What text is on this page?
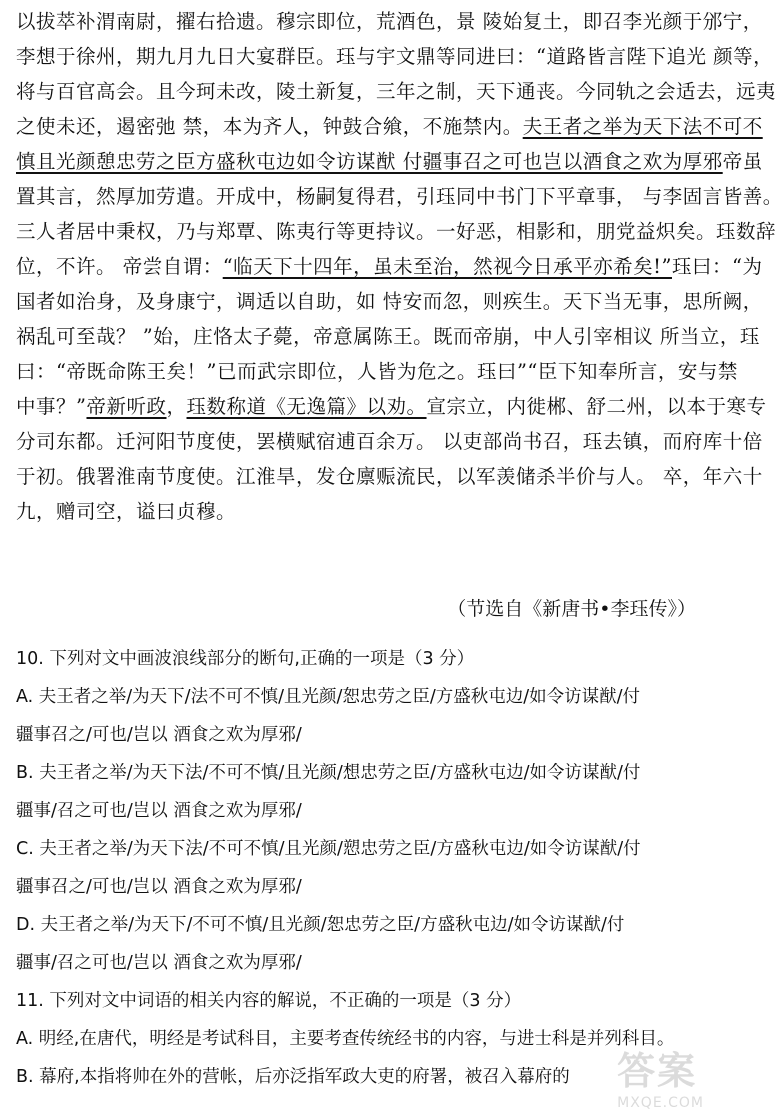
以拔萃补渭南尉，擢右拾遗。穆宗即位，荒酒色，景 陵始复土，即召李光颜于邠宁，
李想于徐州，期九月九日大宴群臣。珏与宇文鼎等同进曰：“道路皆言陛下追光 颜等，
将与百官高会。且今珂未改，陵土新复，三年之制，天下通丧。今同轨之会适去，远夷
之使未还，遏密弛 禁，本为齐人，钟鼓合飨，不施禁内。夫王者之举为天下法不可不
慎且光颜憩忠劳之臣方盛秋屯边如令访谋猷 付疆事召之可也岂以酒食之欢为厚邪帝虽
置其言，然厚加劳遣。开成中，杨嗣复得君，引珏同中书门下平章事， 与李固言皆善。
三人者居中秉权，乃与郑覃、陈夷行等更持议。一好恶，相影和，朋党益炽矣。珏数辞
位，不许。 帝尝自谓：“临天下十四年，虽未至治，然视今日承平亦希矣!”珏曰：“为
国者如治身，及身康宁，调适以自助，如 恃安而忽，则疾生。天下当无事，思所阙，
祸乱可至哉？ ”始，庄恪太子薨，帝意属陈王。既而帝崩，中人引宰相议 所当立，珏
曰：“帝既命陈王矣！”已而武宗即位，人皆为危之。珏曰”“臣下知奉所言，安与禁
中事？”帝新听政，珏数称道《无逸篇》以劝。宣宗立，内徙郴、舒二州，以本于寒专
分司东都。迁河阳节度使，罢横赋宿逋百余万。 以吏部尚书召，珏去镇，而府库十倍
于初。俄署淮南节度使。江淮旱，发仓廪赈流民，以军羡储杀半价与人。 卒，年六十
九，赠司空，谥曰贞穆。
（节选自《新唐书•李珏传》）
10. 下列对文中画波浪线部分的断句,正确的一项是（3 分）
A. 夫王者之举/为天下/法不可不慎/且光颜/恕忠劳之臣/方盛秋屯边/如令访谋猷/付
疆事召之/可也/岂以 酒食之欢为厚邪/
B. 夫王者之举/为天下法/不可不慎/且光颜/想忠劳之臣/方盛秋屯边/如令访谋猷/付
疆事/召之可也/岂以 酒食之欢为厚邪/
C. 夫王者之举/为天下法/不可不慎/且光颜/愬忠劳之臣/方盛秋屯边/如令访谋猷/付
疆事召之/可也/岂以 酒食之欢为厚邪/
D. 夫王者之举/为天下/不可不慎/且光颜/恕忠劳之臣/方盛秋屯边/如令访谋猷/付
疆事/召之可也/岂以 酒食之欢为厚邪/
11. 下列对文中词语的相关内容的解说，不正确的一项是（3 分）
A. 明经,在唐代，明经是考试科目，主要考查传统经书的内容，与进士科是并列科目。
B. 幕府,本指将帅在外的营帐，后亦泛指军政大吏的府署，被召入幕府的	答案
MXQE.COM
